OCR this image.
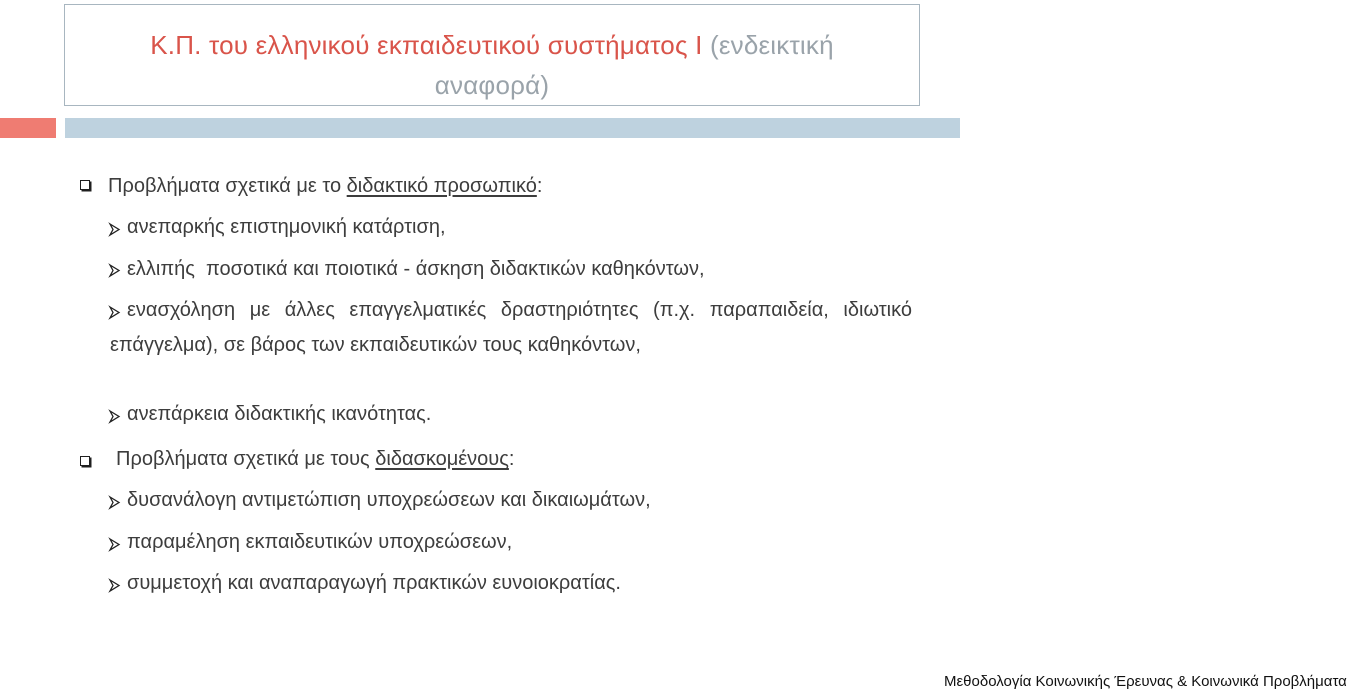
Κ.Π. του ελληνικού εκπαιδευτικού συστήματος Ι (ενδεικτική
αναφορά)
Προβλήματα σχετικά με το διδακτικό προσωπικό:
ανεπαρκής επιστημονική κατάρτιση,
ελλιπής  ποσοτικά και ποιοτικά - άσκηση διδακτικών καθηκόντων,
ενασχόληση με άλλες επαγγελματικές δραστηριότητες (π.χ. παραπαιδεία, ιδιωτικό επάγγελμα), σε βάρος των εκπαιδευτικών τους καθηκόντων,
ανεπάρκεια διδακτικής ικανότητας.
Προβλήματα σχετικά με τους διδασκομένους:
δυσανάλογη αντιμετώπιση υποχρεώσεων και δικαιωμάτων,
παραμέληση εκπαιδευτικών υποχρεώσεων,
συμμετοχή και αναπαραγωγή πρακτικών ευνοιοκρατίας.
Μεθοδολογία Κοινωνικής Έρευνας & Κοινωνικά Προβλήματα
